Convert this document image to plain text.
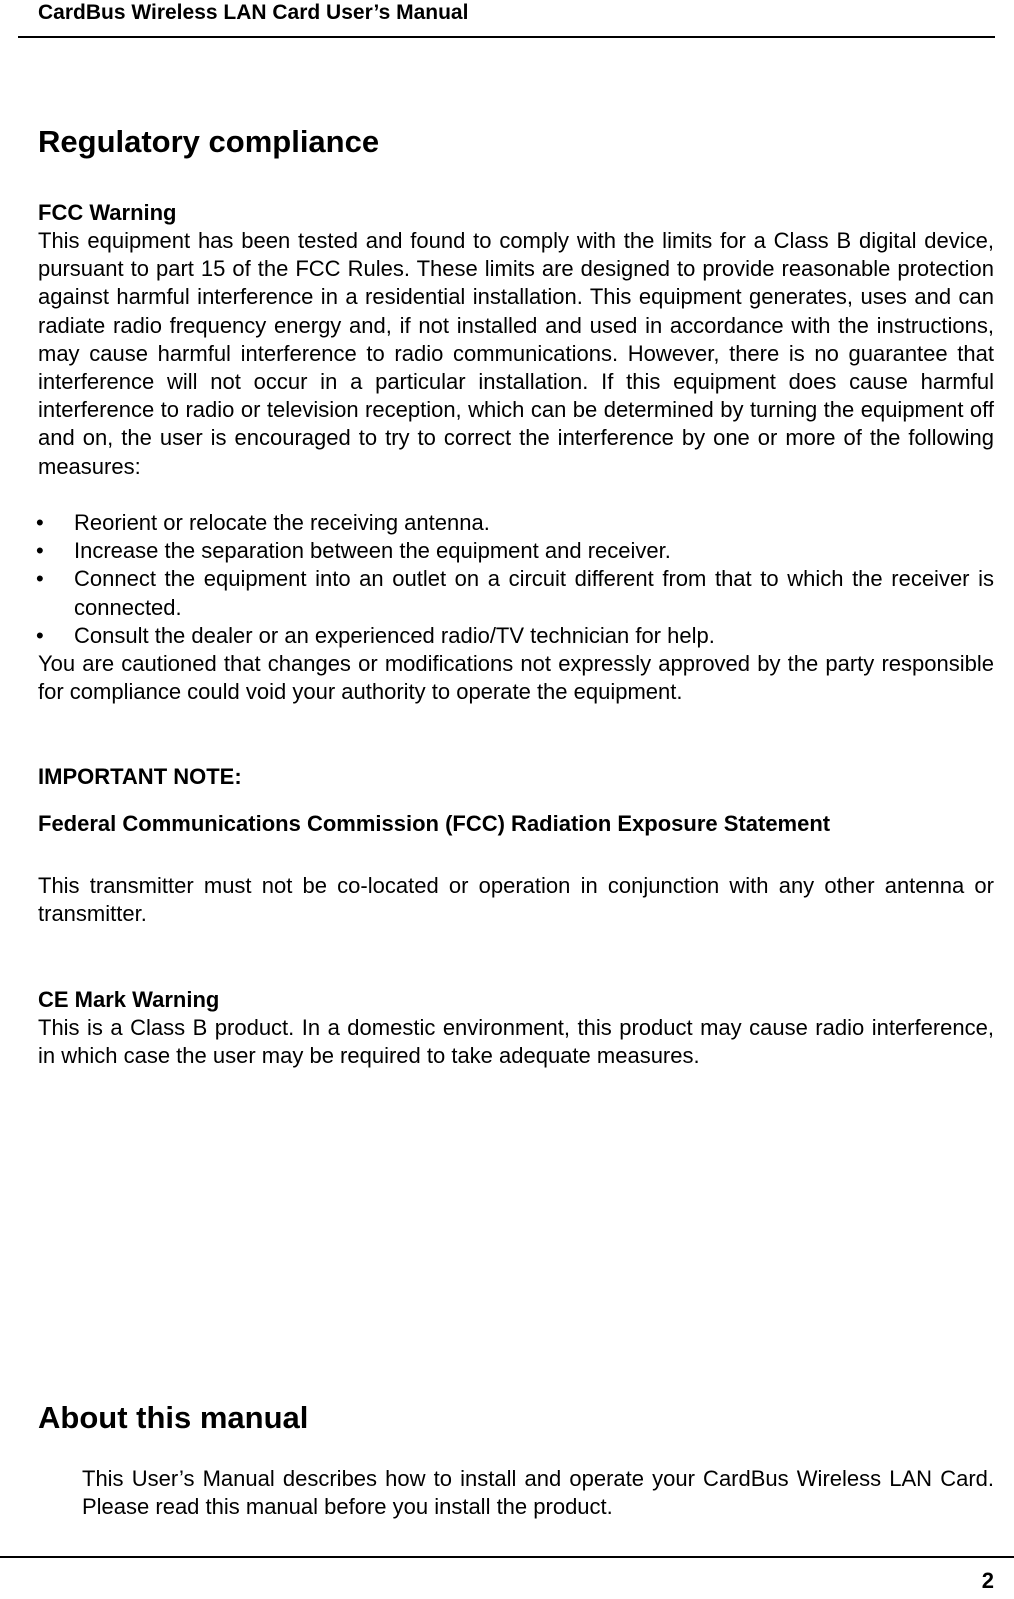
CardBus Wireless LAN Card User’s Manual
Regulatory compliance
FCC Warning

This equipment has been tested and found to comply with the limits for a Class B digital device, pursuant to part 15 of the FCC Rules. These limits are designed to provide reasonable protection against harmful interference in a residential installation. This equipment generates, uses and can radiate radio frequency energy and, if not installed and used in accordance with the instructions, may cause harmful interference to radio communications. However, there is no guarantee that interference will not occur in a particular installation. If this equipment does cause harmful interference to radio or television reception, which can be determined by turning the equipment off and on, the user is encouraged to try to correct the interference by one or more of the following measures:

• Reorient or relocate the receiving antenna.
• Increase the separation between the equipment and receiver.
• Connect the equipment into an outlet on a circuit different from that to which the receiver is connected.
• Consult the dealer or an experienced radio/TV technician for help.

You are cautioned that changes or modifications not expressly approved by the party responsible for compliance could void your authority to operate the equipment.

IMPORTANT NOTE:
Federal Communications Commission (FCC) Radiation Exposure Statement

This transmitter must not be co-located or operation in conjunction with any other antenna or transmitter.

CE Mark Warning

This is a Class B product. In a domestic environment, this product may cause radio interference, in which case the user may be required to take adequate measures.

About this manual

This User’s Manual describes how to install and operate your CardBus Wireless LAN Card. Please read this manual before you install the product.

2
